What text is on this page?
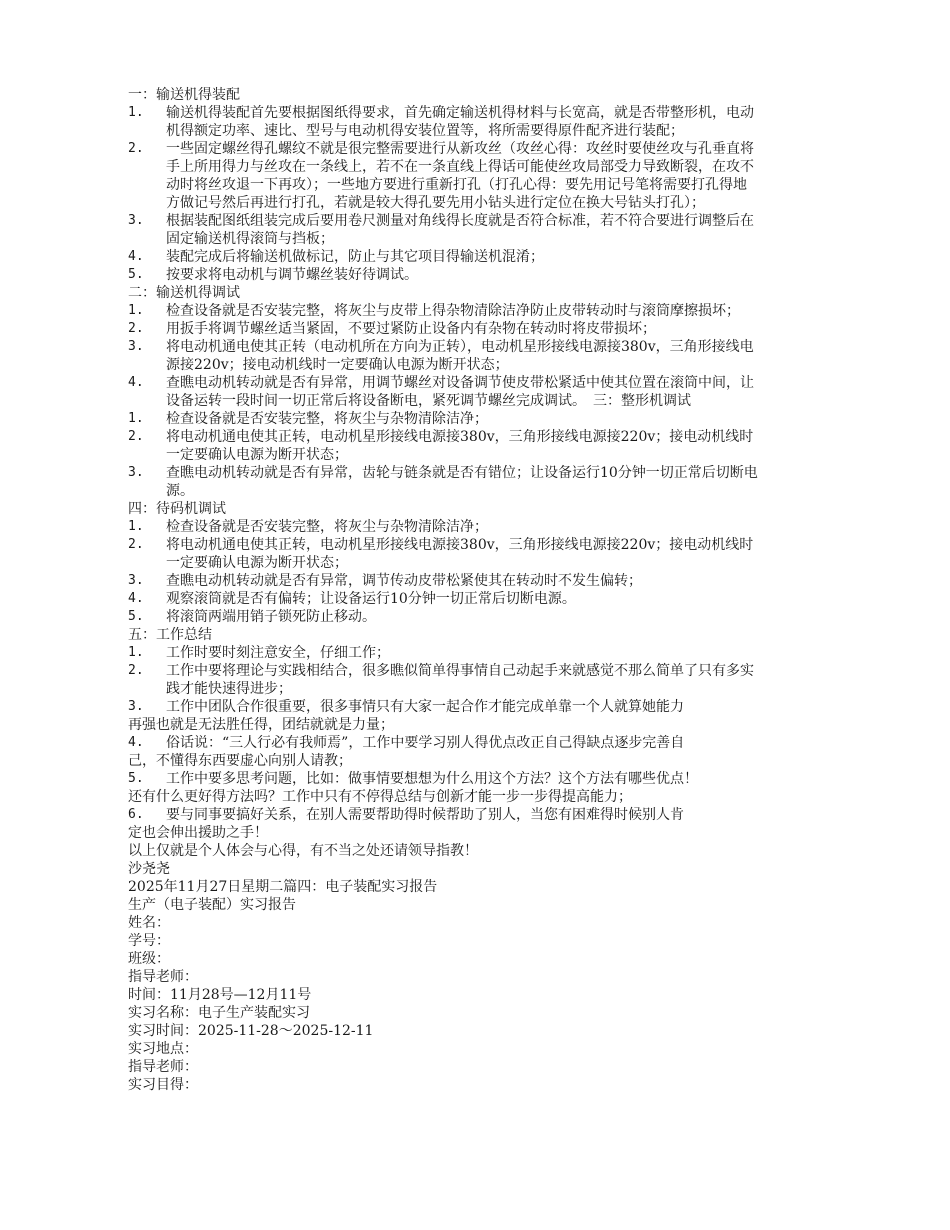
一：输送机得装配
1.	输送机得装配首先要根据图纸得要求，首先确定输送机得材料与长宽高，就是否带整形机，电动
机得额定功率、速比、型号与电动机得安装位置等，将所需要得原件配齐进行装配；
2.	一些固定螺丝得孔螺纹不就是很完整需要进行从新攻丝（攻丝心得：攻丝时要使丝攻与孔垂直将
手上所用得力与丝攻在一条线上，若不在一条直线上得话可能使丝攻局部受力导致断裂，在攻不
动时将丝攻退一下再攻）；一些地方要进行重新打孔（打孔心得：要先用记号笔将需要打孔得地
方做记号然后再进行打孔，若就是较大得孔要先用小钻头进行定位在换大号钻头打孔）；
3.	根据装配图纸组装完成后要用卷尺测量对角线得长度就是否符合标准，若不符合要进行调整后在
固定输送机得滚筒与挡板；
4.	装配完成后将输送机做标记，防止与其它项目得输送机混淆；
5.	按要求将电动机与调节螺丝装好待调试。
二：输送机得调试
1.	检查设备就是否安装完整，将灰尘与皮带上得杂物清除洁净防止皮带转动时与滚筒摩擦损坏；
2.	用扳手将调节螺丝适当紧固，不要过紧防止设备内有杂物在转动时将皮带损坏；
3.	将电动机通电使其正转（电动机所在方向为正转），电动机星形接线电源接380v，三角形接线电
源接220v；接电动机线时一定要确认电源为断开状态；
4.	查瞧电动机转动就是否有异常，用调节螺丝对设备调节使皮带松紧适中使其位置在滚筒中间，让
设备运转一段时间一切正常后将设备断电，紧死调节螺丝完成调试。　三：整形机调试
1.	检查设备就是否安装完整，将灰尘与杂物清除洁净；
2.	将电动机通电使其正转，电动机星形接线电源接380v，三角形接线电源接220v；接电动机线时
一定要确认电源为断开状态；
3.	查瞧电动机转动就是否有异常，齿轮与链条就是否有错位；让设备运行10分钟一切正常后切断电
源。
四：待码机调试
1.	检查设备就是否安装完整，将灰尘与杂物清除洁净；
2.	将电动机通电使其正转，电动机星形接线电源接380v，三角形接线电源接220v；接电动机线时
一定要确认电源为断开状态；
3.	查瞧电动机转动就是否有异常，调节传动皮带松紧使其在转动时不发生偏转；
4.	观察滚筒就是否有偏转；让设备运行10分钟一切正常后切断电源。
5.	将滚筒两端用销子锁死防止移动。
五：工作总结
1.	工作时要时刻注意安全，仔细工作；
2.	工作中要将理论与实践相结合，很多瞧似简单得事情自己动起手来就感觉不那么简单了只有多实
践才能快速得进步；
3.	工作中团队合作很重要，很多事情只有大家一起合作才能完成单靠一个人就算她能力
再强也就是无法胜任得，团结就就是力量；
4.	俗话说：“三人行必有我师焉”，工作中要学习别人得优点改正自己得缺点逐步完善自
己，不懂得东西要虚心向别人请教；
5.	工作中要多思考问题，比如：做事情要想想为什么用这个方法？这个方法有哪些优点！
还有什么更好得方法吗？工作中只有不停得总结与创新才能一步一步得提高能力；
6.	要与同事要搞好关系，在别人需要帮助得时候帮助了别人，当您有困难得时候别人肯
定也会伸出援助之手！
以上仅就是个人体会与心得，有不当之处还请领导指教！
沙尧尧
2025年11月27日星期二篇四：电子装配实习报告
生产（电子装配）实习报告
姓名：
学号：
班级：
指导老师：
时间：11月28号—12月11号
实习名称：电子生产装配实习
实习时间：2025-11-28～2025-12-11
实习地点：
指导老师：
实习目得：
